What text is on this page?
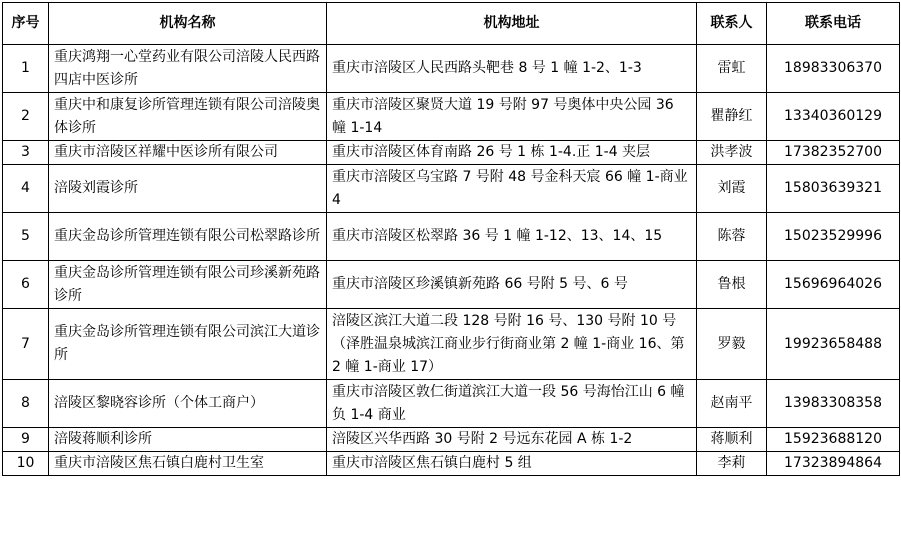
序号	机构名称	机构地址	联系人	联系电话
1	重庆鸿翔一心堂药业有限公司涪陵人民西路四店中医诊所	重庆市涪陵区人民西路头靶巷 8 号 1 幢 1-2、1-3	雷虹	18983306370
2	重庆中和康复诊所管理连锁有限公司涪陵奥体诊所	重庆市涪陵区聚贤大道 19 号附 97 号奥体中央公园 36 幢 1-14	瞿静红	13340360129
3	重庆市涪陵区祥耀中医诊所有限公司	重庆市涪陵区体育南路 26 号 1 栋 1-4.正 1-4 夹层	洪孝波	17382352700
4	涪陵刘霞诊所	重庆市涪陵区乌宝路 7 号附 48 号金科天宸 66 幢 1-商业 4	刘霞	15803639321
5	重庆金岛诊所管理连锁有限公司松翠路诊所	重庆市涪陵区松翠路 36 号 1 幢 1-12、13、14、15	陈蓉	15023529996
6	重庆金岛诊所管理连锁有限公司珍溪新苑路诊所	重庆市涪陵区珍溪镇新苑路 66 号附 5 号、6 号	鲁根	15696964026
7	重庆金岛诊所管理连锁有限公司滨江大道诊所	涪陵区滨江大道二段 128 号附 16 号、130 号附 10 号（泽胜温泉城滨江商业步行街商业第 2 幢 1-商业 16、第 2 幢 1-商业 17）	罗毅	19923658488
8	涪陵区黎晓容诊所（个体工商户）	重庆市涪陵区敦仁街道滨江大道一段 56 号海怡江山 6 幢负 1-4 商业	赵南平	13983308358
9	涪陵蒋顺利诊所	涪陵区兴华西路 30 号附 2 号远东花园 A 栋 1-2	蒋顺利	15923688120
10	重庆市涪陵区焦石镇白鹿村卫生室	重庆市涪陵区焦石镇白鹿村 5 组	李莉	17323894864
